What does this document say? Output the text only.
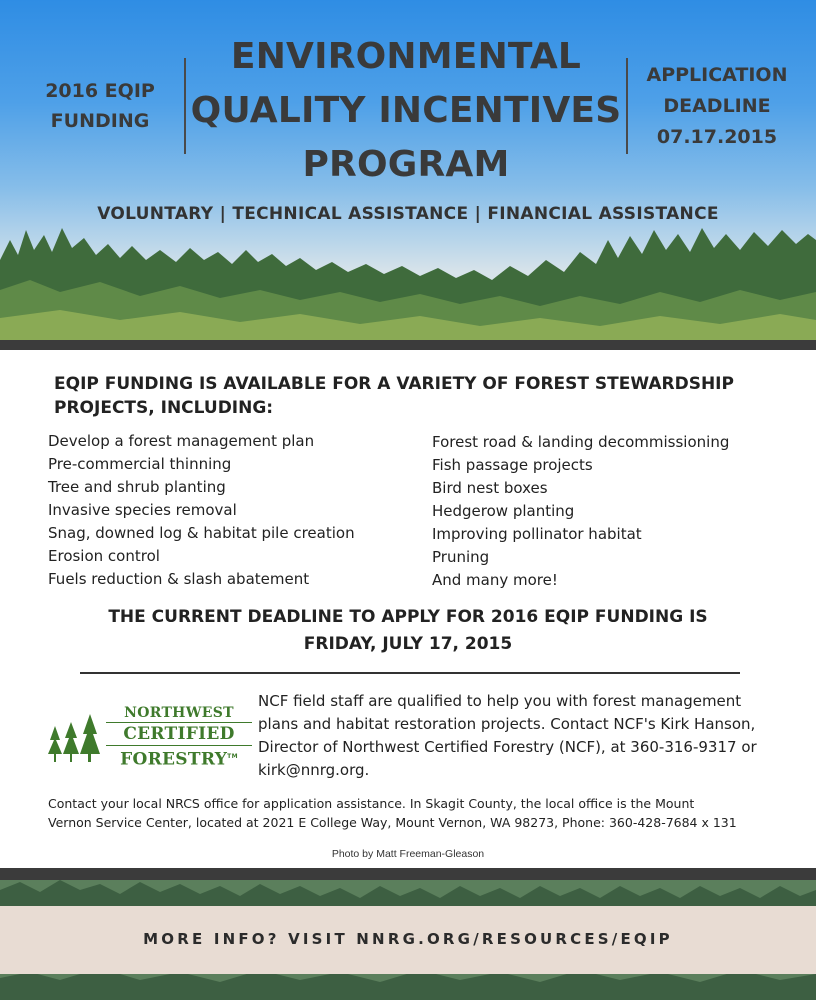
2016 EQIP
FUNDING
ENVIRONMENTAL
QUALITY INCENTIVES
PROGRAM
APPLICATION
DEADLINE
07.17.2015
VOLUNTARY | TECHNICAL ASSISTANCE | FINANCIAL ASSISTANCE
EQIP FUNDING IS AVAILABLE FOR A VARIETY OF FOREST STEWARDSHIP
PROJECTS, INCLUDING:
Develop a forest management plan
Pre-commercial thinning
Tree and shrub planting
Invasive species removal
Snag, downed log & habitat pile creation
Erosion control
Fuels reduction & slash abatement
Forest road & landing decommissioning
Fish passage projects
Bird nest boxes
Hedgerow planting
Improving pollinator habitat
Pruning
And many more!
THE CURRENT DEADLINE TO APPLY FOR 2016 EQIP FUNDING IS
FRIDAY, JULY 17, 2015
NORTHWEST
CERTIFIED
FORESTRY™
NCF field staff are qualified to help you with forest management
plans and habitat restoration projects. Contact NCF's Kirk Hanson,
Director of Northwest Certified Forestry (NCF), at 360-316-9317 or
kirk@nnrg.org.
Contact your local NRCS office for application assistance. In Skagit County, the local office is the Mount
Vernon Service Center, located at 2021 E College Way, Mount Vernon, WA 98273, Phone: 360-428-7684 x 131
Photo by Matt Freeman-Gleason
MORE INFO? VISIT NNRG.ORG/RESOURCES/EQIP
